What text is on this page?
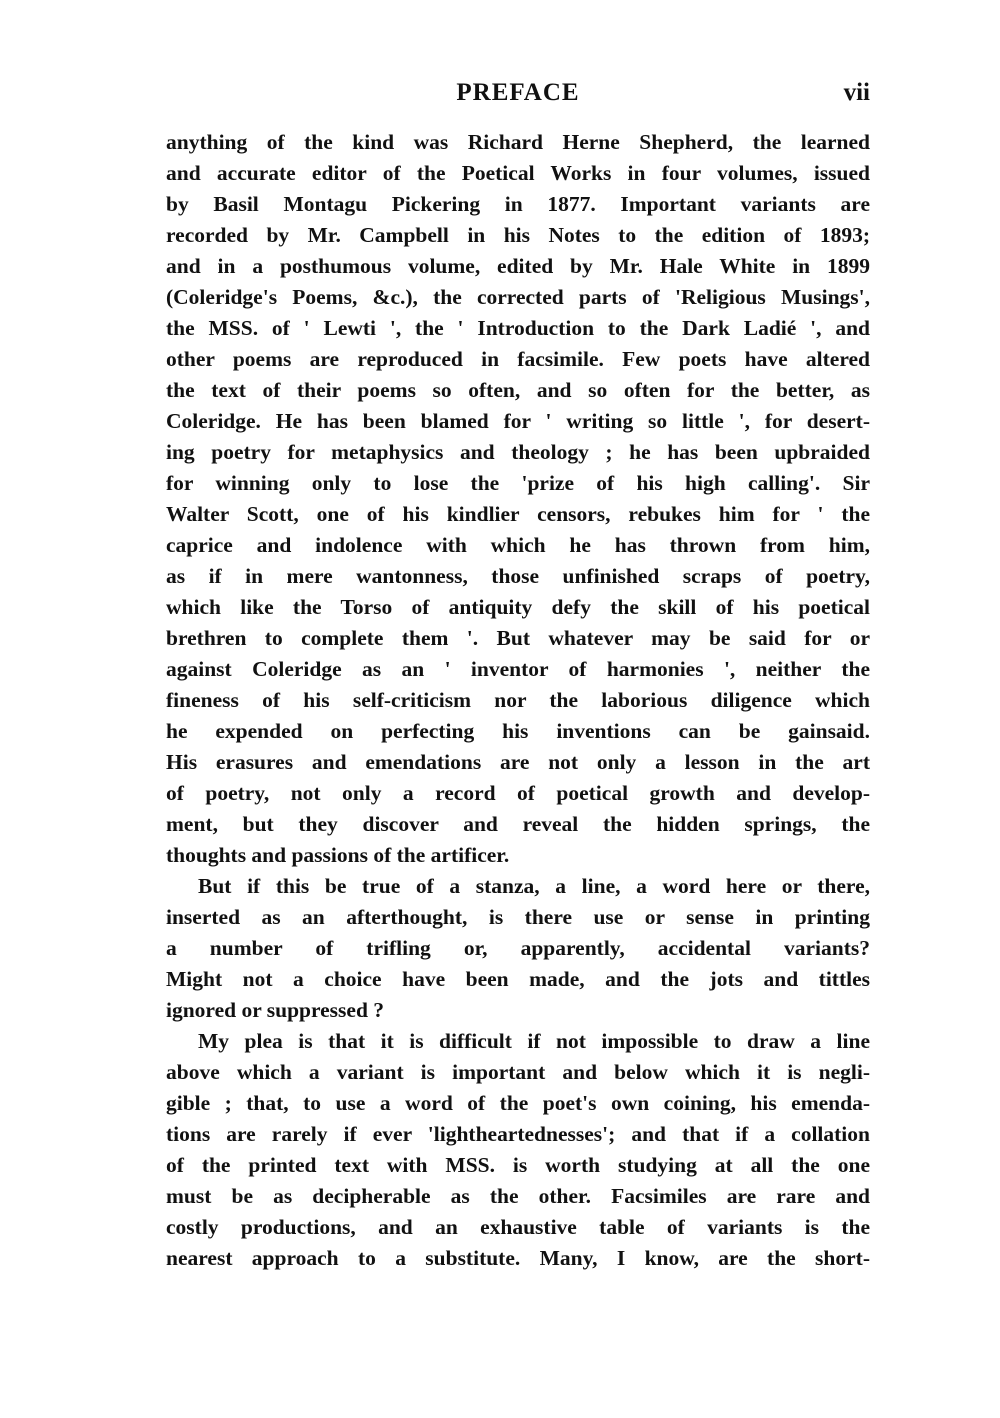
PREFACE	vii
anything of the kind was Richard Herne Shepherd, the learned
and accurate editor of the Poetical Works in four volumes, issued
by Basil Montagu Pickering in 1877. Important variants are
recorded by Mr. Campbell in his Notes to the edition of 1893;
and in a posthumous volume, edited by Mr. Hale White in 1899
(Coleridge's Poems, &c.), the corrected parts of 'Religious Musings',
the MSS. of ' Lewti ', the ' Introduction to the Dark Ladié ', and
other poems are reproduced in facsimile. Few poets have altered
the text of their poems so often, and so often for the better, as
Coleridge. He has been blamed for ' writing so little ', for desert-
ing poetry for metaphysics and theology ; he has been upbraided
for winning only to lose the 'prize of his high calling'. Sir
Walter Scott, one of his kindlier censors, rebukes him for ' the
caprice and indolence with which he has thrown from him,
as if in mere wantonness, those unfinished scraps of poetry,
which like the Torso of antiquity defy the skill of his poetical
brethren to complete them '. But whatever may be said for or
against Coleridge as an ' inventor of harmonies ', neither the
fineness of his self-criticism nor the laborious diligence which
he expended on perfecting his inventions can be gainsaid.
His erasures and emendations are not only a lesson in the art
of poetry, not only a record of poetical growth and develop-
ment, but they discover and reveal the hidden springs, the
thoughts and passions of the artificer.
But if this be true of a stanza, a line, a word here or there,
inserted as an afterthought, is there use or sense in printing
a number of trifling or, apparently, accidental variants?
Might not a choice have been made, and the jots and tittles
ignored or suppressed ?
My plea is that it is difficult if not impossible to draw a line
above which a variant is important and below which it is negli-
gible ; that, to use a word of the poet's own coining, his emenda-
tions are rarely if ever 'lightheartednesses'; and that if a collation
of the printed text with MSS. is worth studying at all the one
must be as decipherable as the other. Facsimiles are rare and
costly productions, and an exhaustive table of variants is the
nearest approach to a substitute. Many, I know, are the short-
